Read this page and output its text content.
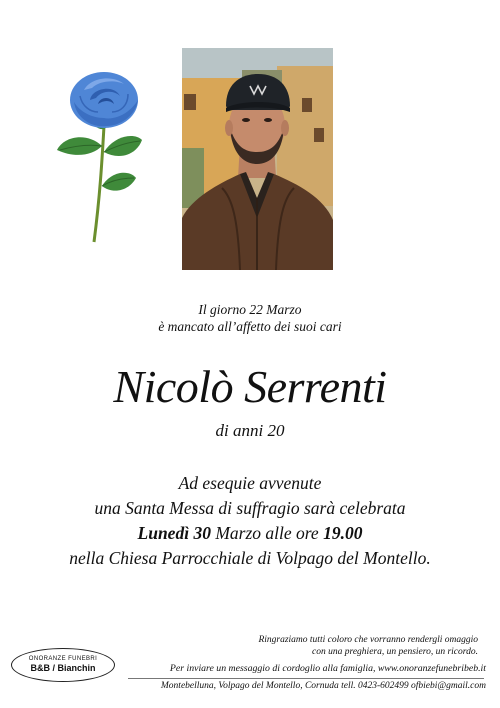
Il giorno 22 Marzo
è mancato all’affetto dei suoi cari
Nicolò Serrenti
di anni 20
Ad esequie avvenute
una Santa Messa di suffragio sarà celebrata
Lunedì 30 Marzo alle ore 19.00
nella Chiesa Parrocchiale di Volpago del Montello.
ONORANZE FUNEBRI
B&B / Bianchin
Ringraziamo tutti coloro che vorranno rendergli omaggio
con una preghiera, un pensiero, un ricordo.
Per inviare un messaggio di cordoglio alla famiglia, www.onoranzefunebribeb.it
Montebelluna, Volpago del Montello, Cornuda tell. 0423-602499 ofbiebi@gmail.com
